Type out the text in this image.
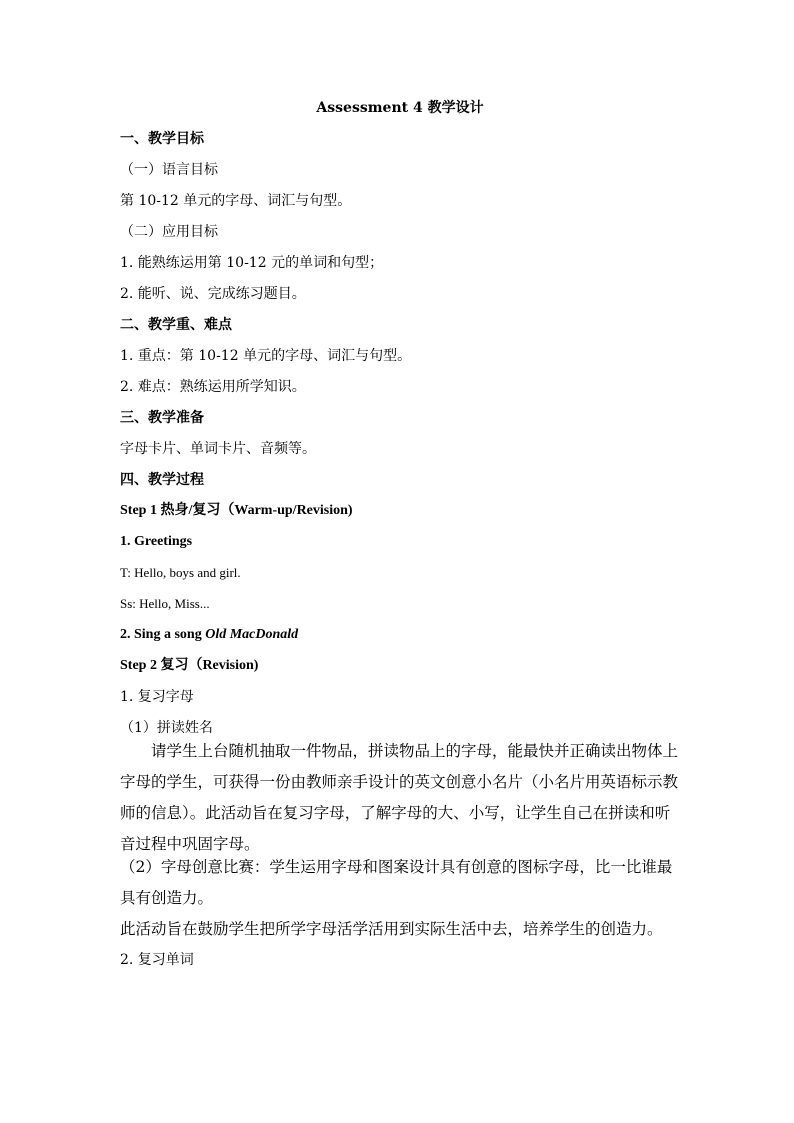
Assessment 4 教学设计

一、教学目标

（一）语言目标

第 10-12 单元的字母、词汇与句型。

（二）应用目标

1. 能熟练运用第 10-12 元的单词和句型；

2. 能听、说、完成练习题目。

二、教学重、难点

1. 重点：第 10-12 单元的字母、词汇与句型。

2. 难点：熟练运用所学知识。

三、教学准备

字母卡片、单词卡片、音频等。

四、教学过程

Step 1 热身/复习（Warm-up/Revision)

1. Greetings

T: Hello, boys and girl.

Ss: Hello, Miss...

2. Sing a song Old MacDonald

Step 2 复习（Revision)

1. 复习字母

（1）拼读姓名

请学生上台随机抽取一件物品，拼读物品上的字母，能最快并正确读出物体上字母的学生，可获得一份由教师亲手设计的英文创意小名片（小名片用英语标示教师的信息）。此活动旨在复习字母，了解字母的大、小写，让学生自己在拼读和听音过程中巩固字母。

（2）字母创意比赛：学生运用字母和图案设计具有创意的图标字母，比一比谁最具有创造力。

此活动旨在鼓励学生把所学字母活学活用到实际生活中去，培养学生的创造力。

2. 复习单词
